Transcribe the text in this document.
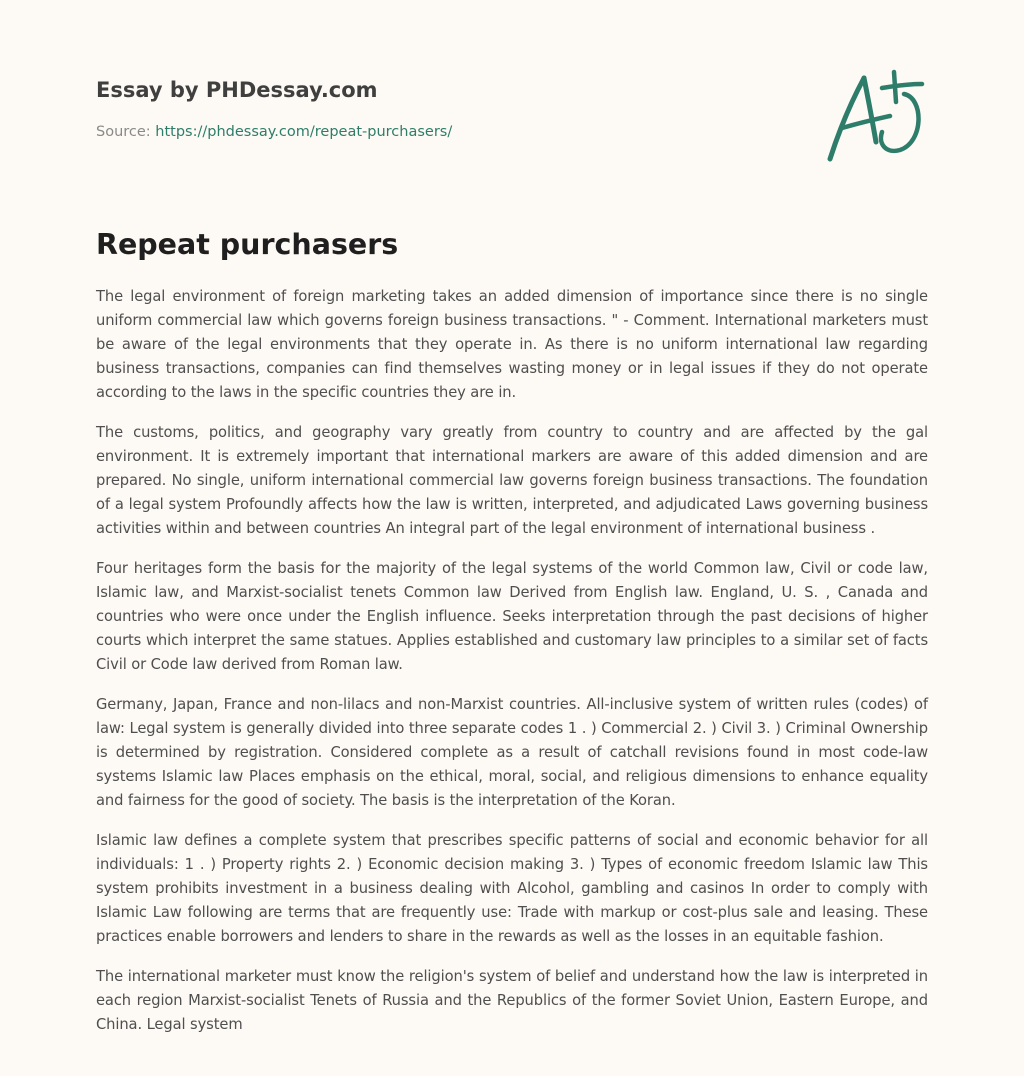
Essay by PHDessay.com
Source: https://phdessay.com/repeat-purchasers/
Repeat purchasers

The legal environment of foreign marketing takes an added dimension of importance since there is no single uniform commercial law which governs foreign business transactions. " - Comment. International marketers must be aware of the legal environments that they operate in. As there is no uniform international law regarding business transactions, companies can find themselves wasting money or in legal issues if they do not operate according to the laws in the specific countries they are in.

The customs, politics, and geography vary greatly from country to country and are affected by the gal environment. It is extremely important that international markers are aware of this added dimension and are prepared. No single, uniform international commercial law governs foreign business transactions. The foundation of a legal system Profoundly affects how the law is written, interpreted, and adjudicated Laws governing business activities within and between countries An integral part of the legal environment of international business .

Four heritages form the basis for the majority of the legal systems of the world Common law, Civil or code law, Islamic law, and Marxist-socialist tenets Common law Derived from English law. England, U. S. , Canada and countries who were once under the English influence. Seeks interpretation through the past decisions of higher courts which interpret the same statues. Applies established and customary law principles to a similar set of facts Civil or Code law derived from Roman law.

Germany, Japan, France and non-lilacs and non-Marxist countries. All-inclusive system of written rules (codes) of law: Legal system is generally divided into three separate codes 1 . ) Commercial 2. ) Civil 3. ) Criminal Ownership is determined by registration. Considered complete as a result of catchall revisions found in most code-law systems Islamic law Places emphasis on the ethical, moral, social, and religious dimensions to enhance equality and fairness for the good of society. The basis is the interpretation of the Koran.

Islamic law defines a complete system that prescribes specific patterns of social and economic behavior for all individuals: 1 . ) Property rights 2. ) Economic decision making 3. ) Types of economic freedom Islamic law This system prohibits investment in a business dealing with Alcohol, gambling and casinos In order to comply with Islamic Law following are terms that are frequently use: Trade with markup or cost-plus sale and leasing. These practices enable borrowers and lenders to share in the rewards as well as the losses in an equitable fashion.

The international marketer must know the religion's system of belief and understand how the law is interpreted in each region Marxist-socialist Tenets of Russia and the Republics of the former Soviet Union, Eastern Europe, and China. Legal system
